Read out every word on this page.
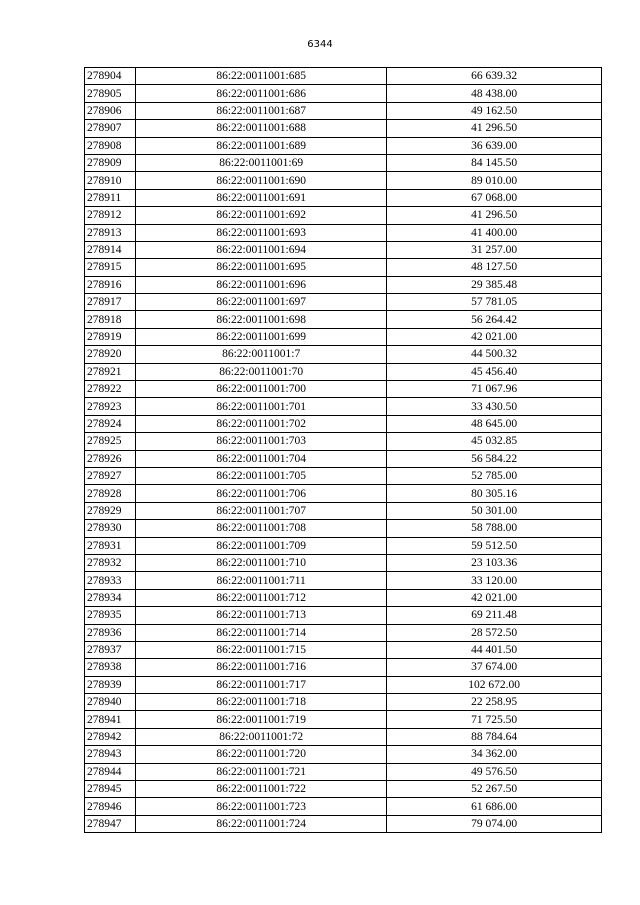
6344
278904	86:22:0011001:685	66 639.32
278905	86:22:0011001:686	48 438.00
278906	86:22:0011001:687	49 162.50
278907	86:22:0011001:688	41 296.50
278908	86:22:0011001:689	36 639.00
278909	86:22:0011001:69	84 145.50
278910	86:22:0011001:690	89 010.00
278911	86:22:0011001:691	67 068.00
278912	86:22:0011001:692	41 296.50
278913	86:22:0011001:693	41 400.00
278914	86:22:0011001:694	31 257.00
278915	86:22:0011001:695	48 127.50
278916	86:22:0011001:696	29 385.48
278917	86:22:0011001:697	57 781.05
278918	86:22:0011001:698	56 264.42
278919	86:22:0011001:699	42 021.00
278920	86:22:0011001:7	44 500.32
278921	86:22:0011001:70	45 456.40
278922	86:22:0011001:700	71 067.96
278923	86:22:0011001:701	33 430.50
278924	86:22:0011001:702	48 645.00
278925	86:22:0011001:703	45 032.85
278926	86:22:0011001:704	56 584.22
278927	86:22:0011001:705	52 785.00
278928	86:22:0011001:706	80 305.16
278929	86:22:0011001:707	50 301.00
278930	86:22:0011001:708	58 788.00
278931	86:22:0011001:709	59 512.50
278932	86:22:0011001:710	23 103.36
278933	86:22:0011001:711	33 120.00
278934	86:22:0011001:712	42 021.00
278935	86:22:0011001:713	69 211.48
278936	86:22:0011001:714	28 572.50
278937	86:22:0011001:715	44 401.50
278938	86:22:0011001:716	37 674.00
278939	86:22:0011001:717	102 672.00
278940	86:22:0011001:718	22 258.95
278941	86:22:0011001:719	71 725.50
278942	86:22:0011001:72	88 784.64
278943	86:22:0011001:720	34 362.00
278944	86:22:0011001:721	49 576.50
278945	86:22:0011001:722	52 267.50
278946	86:22:0011001:723	61 686.00
278947	86:22:0011001:724	79 074.00
